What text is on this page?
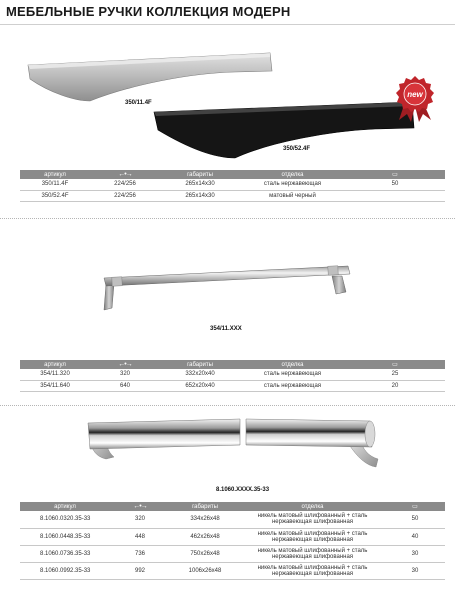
МЕБЕЛЬНЫЕ РУЧКИ КОЛЛЕКЦИЯ МОДЕРН
350/11.4F
new
350/52.4F
артикул	←•→	габариты	отделка	▭
350/11.4F	224/256	265x14x30	сталь нержавеющая	50
350/52.4F	224/256	265x14x30	матовый черный	
354/11.XXX
артикул	←•→	габариты	отделка	▭
354/11.320	320	332x20x40	сталь нержавеющая	25
354/11.640	640	652x20x40	сталь нержавеющая	20
8.1060.XXXX.35-33
артикул	←•→	габариты	отделка	▭
8.1060.0320.35-33	320	334x26x48	никель матовый шлифованный + сталь
нержавеющая шлифованная	50
8.1060.0448.35-33	448	462x26x48	никель матовый шлифованный + сталь
нержавеющая шлифованная	40
8.1060.0736.35-33	736	750x26x48	никель матовый шлифованный + сталь
нержавеющая шлифованная	30
8.1060.0992.35-33	992	1006x26x48	никель матовый шлифованный + сталь
нержавеющая шлифованная	30
